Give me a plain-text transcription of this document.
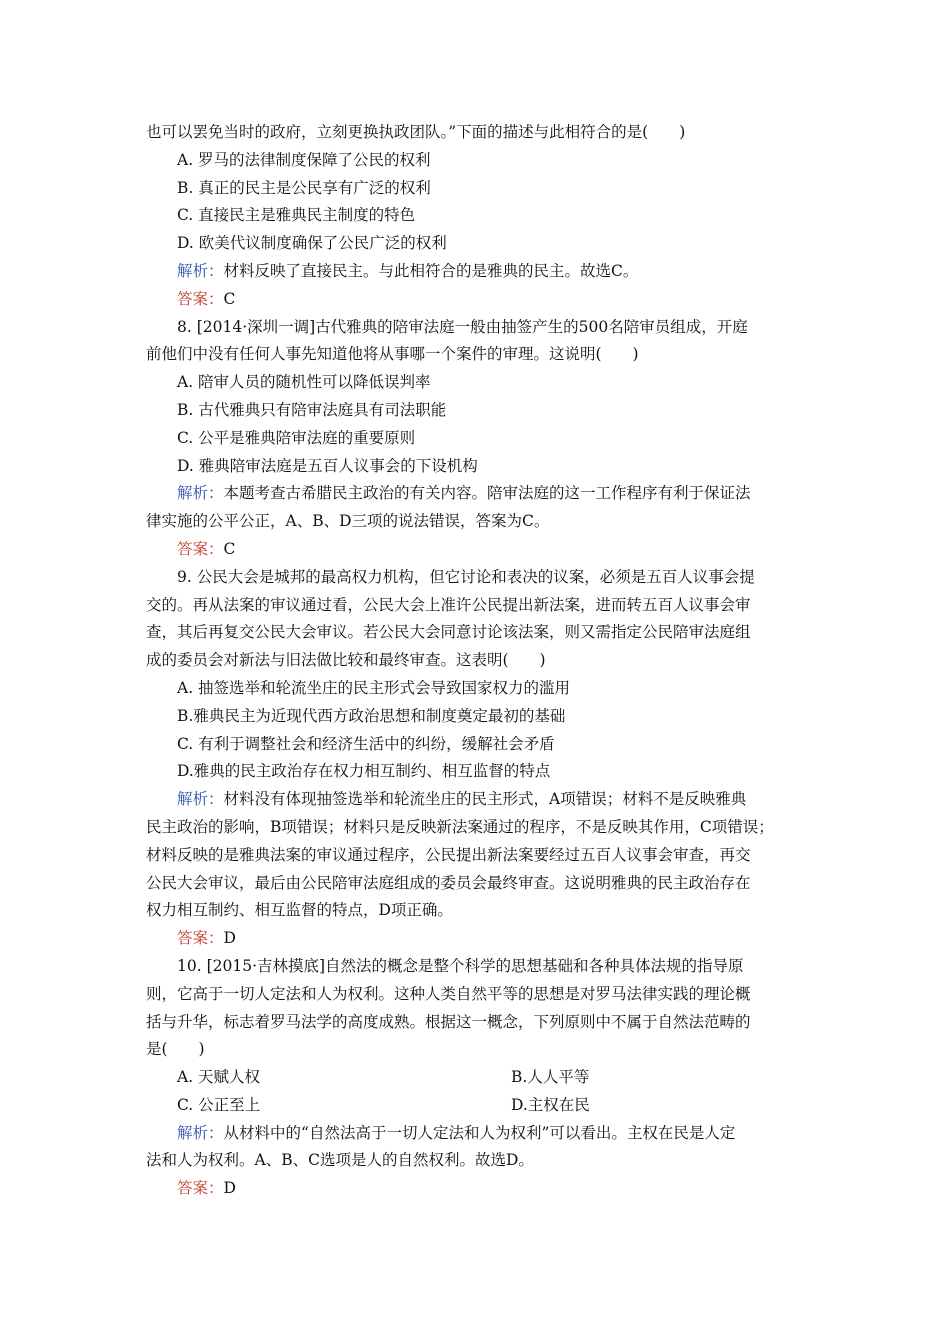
也可以罢免当时的政府，立刻更换执政团队。”下面的描述与此相符合的是(　　)
A. 罗马的法律制度保障了公民的权利
B. 真正的民主是公民享有广泛的权利
C. 直接民主是雅典民主制度的特色
D. 欧美代议制度确保了公民广泛的权利
解析：材料反映了直接民主。与此相符合的是雅典的民主。故选C。
答案：C
8. [2014·深圳一调]古代雅典的陪审法庭一般由抽签产生的500名陪审员组成，开庭
前他们中没有任何人事先知道他将从事哪一个案件的审理。这说明(　　)
A. 陪审人员的随机性可以降低误判率
B. 古代雅典只有陪审法庭具有司法职能
C. 公平是雅典陪审法庭的重要原则
D. 雅典陪审法庭是五百人议事会的下设机构
解析：本题考查古希腊民主政治的有关内容。陪审法庭的这一工作程序有利于保证法
律实施的公平公正，A、B、D三项的说法错误，答案为C。
答案：C
9. 公民大会是城邦的最高权力机构，但它讨论和表决的议案，必须是五百人议事会提
交的。再从法案的审议通过看，公民大会上准许公民提出新法案，进而转五百人议事会审
查，其后再复交公民大会审议。若公民大会同意讨论该法案，则又需指定公民陪审法庭组
成的委员会对新法与旧法做比较和最终审查。这表明(　　)
A. 抽签选举和轮流坐庄的民主形式会导致国家权力的滥用
B.雅典民主为近现代西方政治思想和制度奠定最初的基础
C. 有利于调整社会和经济生活中的纠纷，缓解社会矛盾
D.雅典的民主政治存在权力相互制约、相互监督的特点
解析：材料没有体现抽签选举和轮流坐庄的民主形式，A项错误；材料不是反映雅典
民主政治的影响，B项错误；材料只是反映新法案通过的程序，不是反映其作用，C项错误；
材料反映的是雅典法案的审议通过程序，公民提出新法案要经过五百人议事会审查，再交
公民大会审议，最后由公民陪审法庭组成的委员会最终审查。这说明雅典的民主政治存在
权力相互制约、相互监督的特点，D项正确。
答案：D
10. [2015·吉林摸底]自然法的概念是整个科学的思想基础和各种具体法规的指导原
则，它高于一切人定法和人为权利。这种人类自然平等的思想是对罗马法律实践的理论概
括与升华，标志着罗马法学的高度成熟。根据这一概念，下列原则中不属于自然法范畴的
是(　　)
A. 天赋人权	B.人人平等
C. 公正至上	D.主权在民
解析：从材料中的“自然法高于一切人定法和人为权利”可以看出。主权在民是人定
法和人为权利。A、B、C选项是人的自然权利。故选D。
答案：D
